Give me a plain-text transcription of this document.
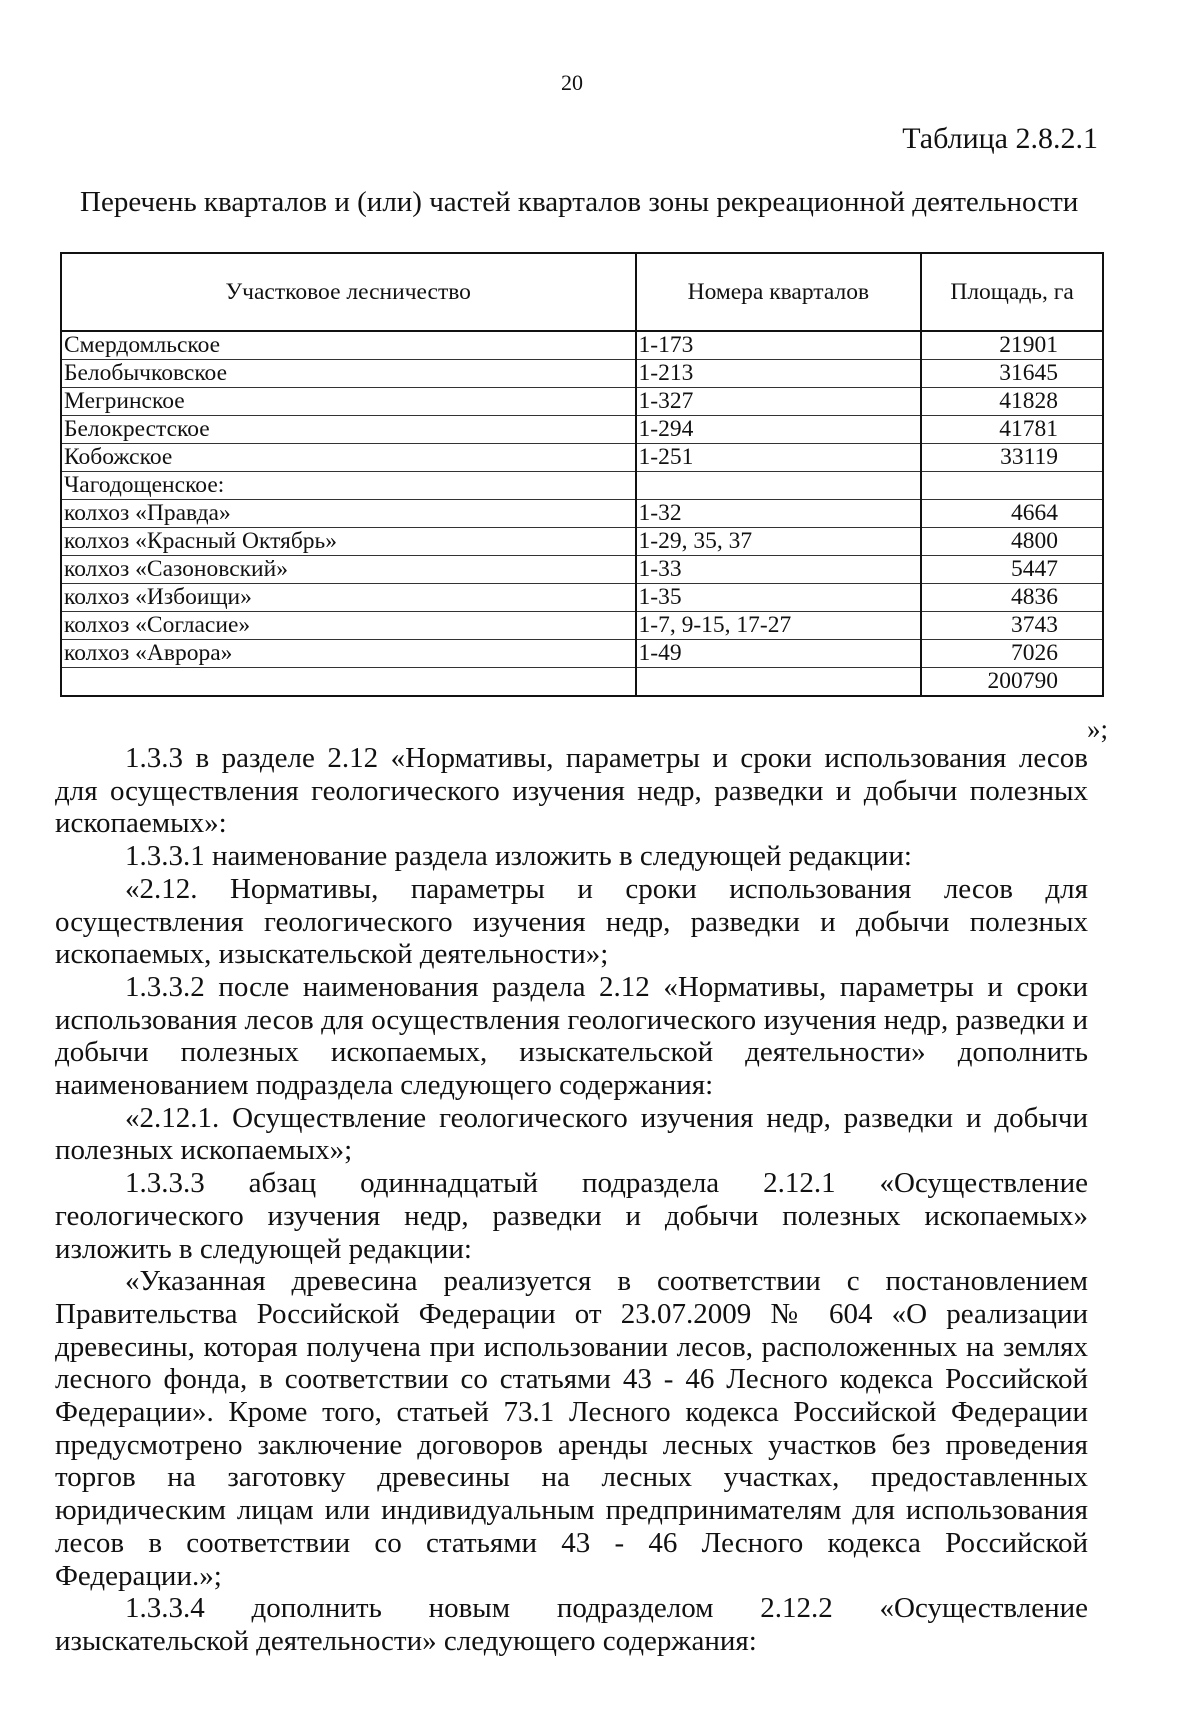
20
Таблица 2.8.2.1
Перечень кварталов и (или) частей кварталов зоны рекреационной деятельности
Участковое лесничество	Номера кварталов	Площадь, га
Смердомльское	1-173	21901
Белобычковское	1-213	31645
Мегринское	1-327	41828
Белокрестское	1-294	41781
Кобожское	1-251	33119
Чагодощенское:		
колхоз «Правда»	1-32	4664
колхоз «Красный Октябрь»	1-29, 35, 37	4800
колхоз «Сазоновский»	1-33	5447
колхоз «Избоищи»	1-35	4836
колхоз «Согласие»	1-7, 9-15, 17-27	3743
колхоз «Аврора»	1-49	7026
		200790
»;

1.3.3 в разделе 2.12 «Нормативы, параметры и сроки использования лесов для осуществления геологического изучения недр, разведки и добычи полезных ископаемых»:

1.3.3.1 наименование раздела изложить в следующей редакции:

«2.12. Нормативы, параметры и сроки использования лесов для осуществления геологического изучения недр, разведки и добычи полезных ископаемых, изыскательской деятельности»;

1.3.3.2 после наименования раздела 2.12 «Нормативы, параметры и сроки использования лесов для осуществления геологического изучения недр, разведки и добычи полезных ископаемых, изыскательской деятельности» дополнить наименованием подраздела следующего содержания:

«2.12.1. Осуществление геологического изучения недр, разведки и добычи полезных ископаемых»;

1.3.3.3 абзац одиннадцатый подраздела 2.12.1 «Осуществление геологического изучения недр, разведки и добычи полезных ископаемых» изложить в следующей редакции:

«Указанная древесина реализуется в соответствии с постановлением Правительства Российской Федерации от 23.07.2009 № 604 «О реализации древесины, которая получена при использовании лесов, расположенных на землях лесного фонда, в соответствии со статьями 43 - 46 Лесного кодекса Российской Федерации». Кроме того, статьей 73.1 Лесного кодекса Российской Федерации предусмотрено заключение договоров аренды лесных участков без проведения торгов на заготовку древесины на лесных участках, предоставленных юридическим лицам или индивидуальным предпринимателям для использования лесов в соответствии со статьями 43 - 46 Лесного кодекса Российской Федерации.»;

1.3.3.4 дополнить новым подразделом 2.12.2 «Осуществление изыскательской деятельности» следующего содержания:
